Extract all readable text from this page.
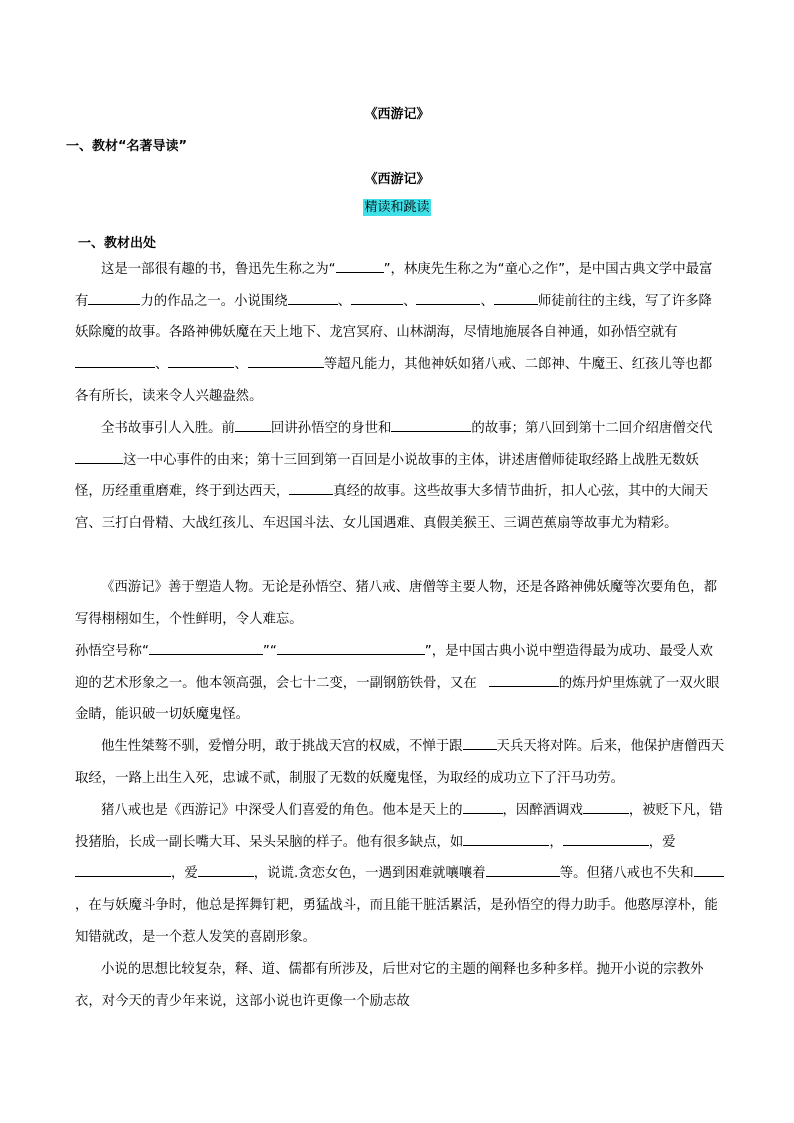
《西游记》
一、教材“名著导读”
《西游记》
精读和跳读
一、教材出处

这是一部很有趣的书，鲁迅先生称之为“	”，林庚先生称之为“童心之作”，是中国古典文学中最富有	力的作品之一。小说围绕	、	、	、	师徒前往的主线，写了许多降妖除魔的故事。各路神佛妖魔在天上地下、龙宫冥府、山林湖海，尽情地施展各自神通，如孙悟空就有、	、	等超凡能力，其他神妖如猪八戒、二郎神、牛魔王、红孩儿等也都各有所长，读来令人兴趣盎然。

全书故事引人入胜。前	回讲孙悟空的身世和	的故事；第八回到第十二回介绍唐僧交代这一中心事件的由来；第十三回到第一百回是小说故事的主体，讲述唐僧师徒取经路上战胜无数妖怪，历经重重磨难，终于到达西天，	真经的故事。这些故事大多情节曲折，扣人心弦，其中的大闹天宫、三打白骨精、大战红孩儿、车迟国斗法、女儿国遇难、真假美猴王、三调芭蕉扇等故事尤为精彩。

《西游记》善于塑造人物。无论是孙悟空、猪八戒、唐僧等主要人物，还是各路神佛妖魔等次要角色，都写得栩栩如生，个性鲜明，令人难忘。

孙悟空号称“	”“	”，是中国古典小说中塑造得最为成功、最受人欢迎的艺术形象之一。他本领高强，会七十二变，一副钢筋铁骨，又在	的炼丹炉里炼就了一双火眼金睛，能识破一切妖魔鬼怪。

他生性桀骜不驯，爱憎分明，敢于挑战天宫的权威，不惮于跟	天兵天将对阵。后来，他保护唐僧西天取经，一路上出生入死，忠诚不贰，制服了无数的妖魔鬼怪，为取经的成功立下了汗马功劳。

猪八戒也是《西游记》中深受人们喜爱的角色。他本是天上的	，因醉酒调戏	，被贬下凡，错投猪胎，长成一副长嘴大耳、呆头呆脑的样子。他有很多缺点，如	，	，爱，爱	，说谎.贪恋女色，一遇到困难就嚷嚷着	等。但猪八戒也不失和，在与妖魔斗争时，他总是挥舞钉耙，勇猛战斗，而且能干脏活累活，是孙悟空的得力助手。他憨厚淳朴，能知错就改，是一个惹人发笑的喜剧形象。

小说的思想比较复杂，释、道、儒都有所涉及，后世对它的主题的阐释也多种多样。抛开小说的宗教外衣，对今天的青少年来说，这部小说也许更像一个励志故
